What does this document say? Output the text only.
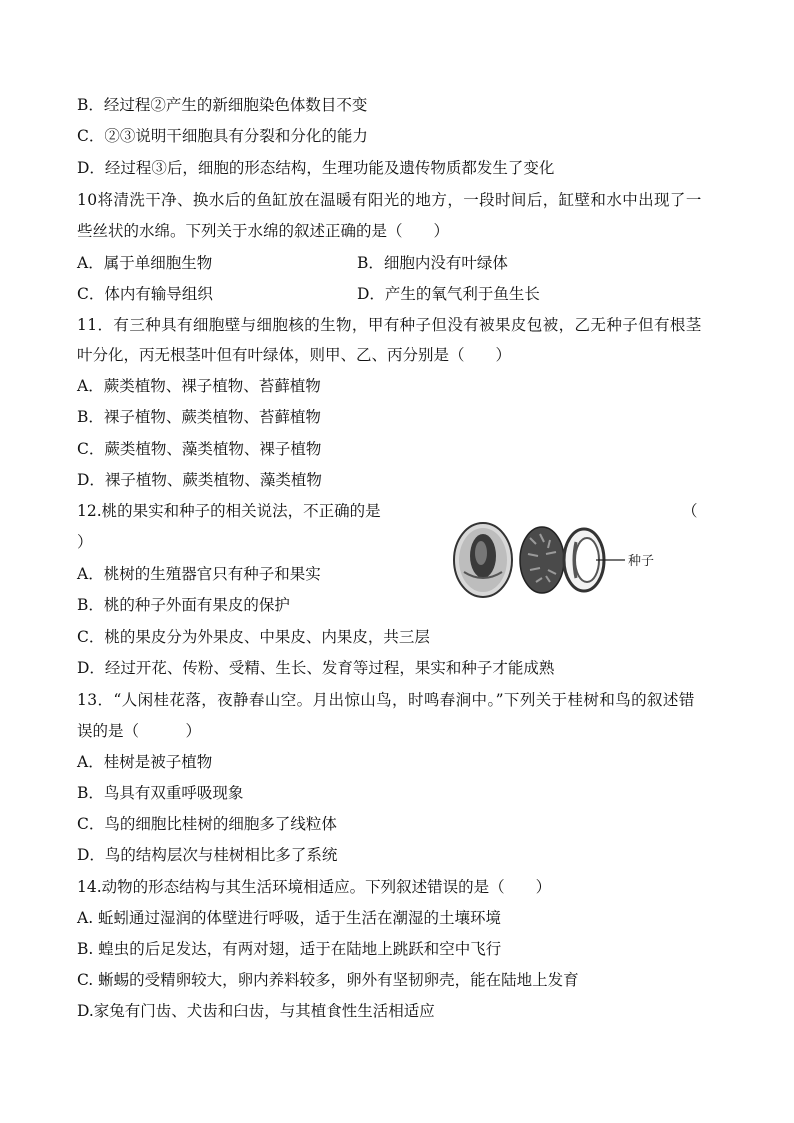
B．经过程②产生的新细胞染色体数目不变
C．②③说明干细胞具有分裂和分化的能力
D．经过程③后，细胞的形态结构，生理功能及遗传物质都发生了变化
10将清洗干净、换水后的鱼缸放在温暖有阳光的地方，一段时间后，缸壁和水中出现了一
些丝状的水绵。下列关于水绵的叙述正确的是（　　）
A．属于单细胞生物	B．细胞内没有叶绿体
C．体内有输导组织	D．产生的氧气利于鱼生长
11．有三种具有细胞壁与细胞核的生物，甲有种子但没有被果皮包被，乙无种子但有根茎
叶分化，丙无根茎叶但有叶绿体，则甲、乙、丙分别是（　　）
A．蕨类植物、裸子植物、苔藓植物
B．裸子植物、蕨类植物、苔藓植物
C．蕨类植物、藻类植物、裸子植物
D．裸子植物、蕨类植物、藻类植物
12.桃的果实和种子的相关说法，不正确的是	（
）
种子
A．桃树的生殖器官只有种子和果实
B．桃的种子外面有果皮的保护
C．桃的果皮分为外果皮、中果皮、内果皮，共三层
D．经过开花、传粉、受精、生长、发育等过程，果实和种子才能成熟
13．“人闲桂花落，夜静春山空。月出惊山鸟，时鸣春涧中。”下列关于桂树和鸟的叙述错
误的是（　　　）
A．桂树是被子植物
B．鸟具有双重呼吸现象
C．鸟的细胞比桂树的细胞多了线粒体
D．鸟的结构层次与桂树相比多了系统
14.动物的形态结构与其生活环境相适应。下列叙述错误的是（　　）
A. 蚯蚓通过湿润的体壁进行呼吸，适于生活在潮湿的土壤环境
B. 蝗虫的后足发达，有两对翅，适于在陆地上跳跃和空中飞行
C. 蜥蜴的受精卵较大，卵内养料较多，卵外有坚韧卵壳，能在陆地上发育
D.家兔有门齿、犬齿和臼齿，与其植食性生活相适应
